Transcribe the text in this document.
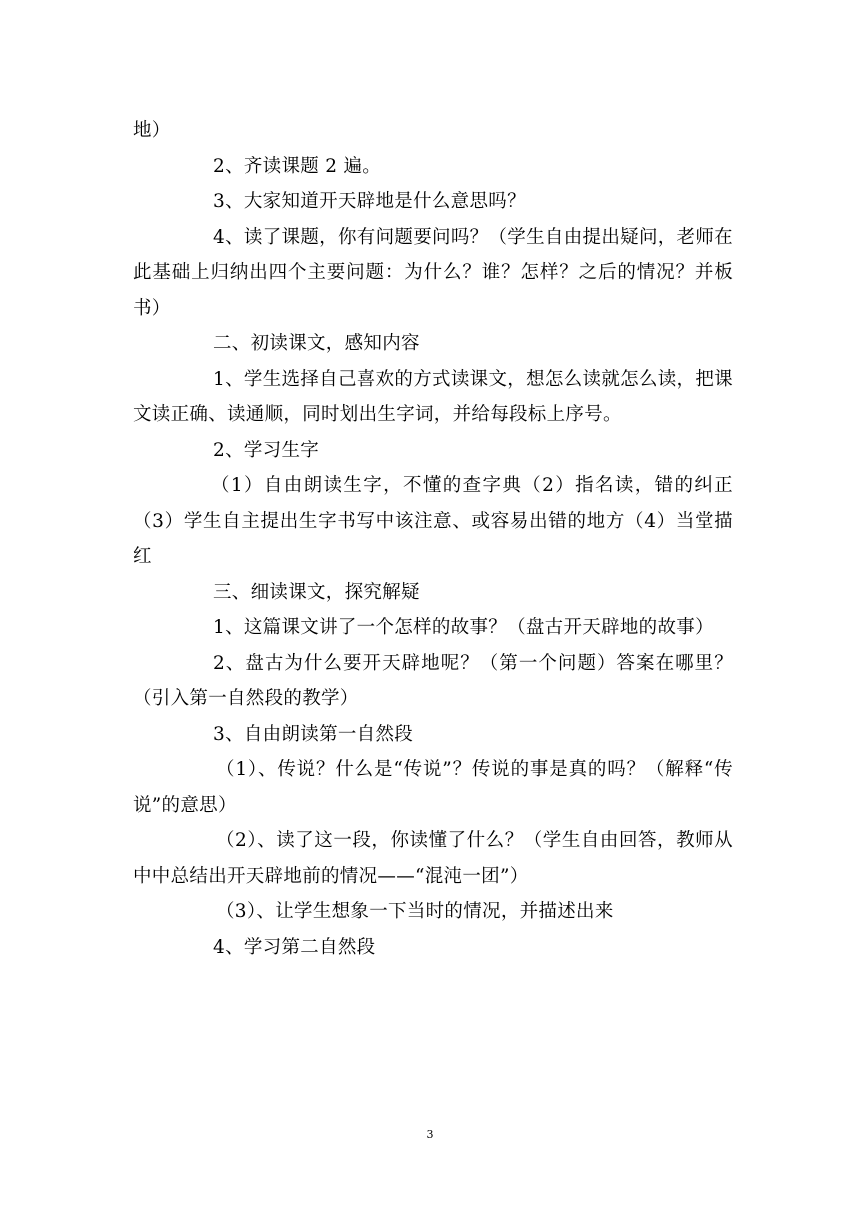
地）

2、齐读课题 2 遍。

3、大家知道开天辟地是什么意思吗？

4、读了课题，你有问题要问吗？（学生自由提出疑问，老师在此基础上归纳出四个主要问题：为什么？谁？怎样？之后的情况？并板书）

二、初读课文，感知内容

1、学生选择自己喜欢的方式读课文，想怎么读就怎么读，把课文读正确、读通顺，同时划出生字词，并给每段标上序号。

2、学习生字

（1）自由朗读生字，不懂的查字典（2）指名读，错的纠正（3）学生自主提出生字书写中该注意、或容易出错的地方（4）当堂描红

三、细读课文，探究解疑

1、这篇课文讲了一个怎样的故事？（盘古开天辟地的故事）

2、盘古为什么要开天辟地呢？（第一个问题）答案在哪里？（引入第一自然段的教学）

3、自由朗读第一自然段

（1）、传说？什么是“传说”？传说的事是真的吗？（解释“传说”的意思）

（2）、读了这一段，你读懂了什么？（学生自由回答，教师从中中总结出开天辟地前的情况——“混沌一团”）

（3）、让学生想象一下当时的情况，并描述出来

4、学习第二自然段

3
